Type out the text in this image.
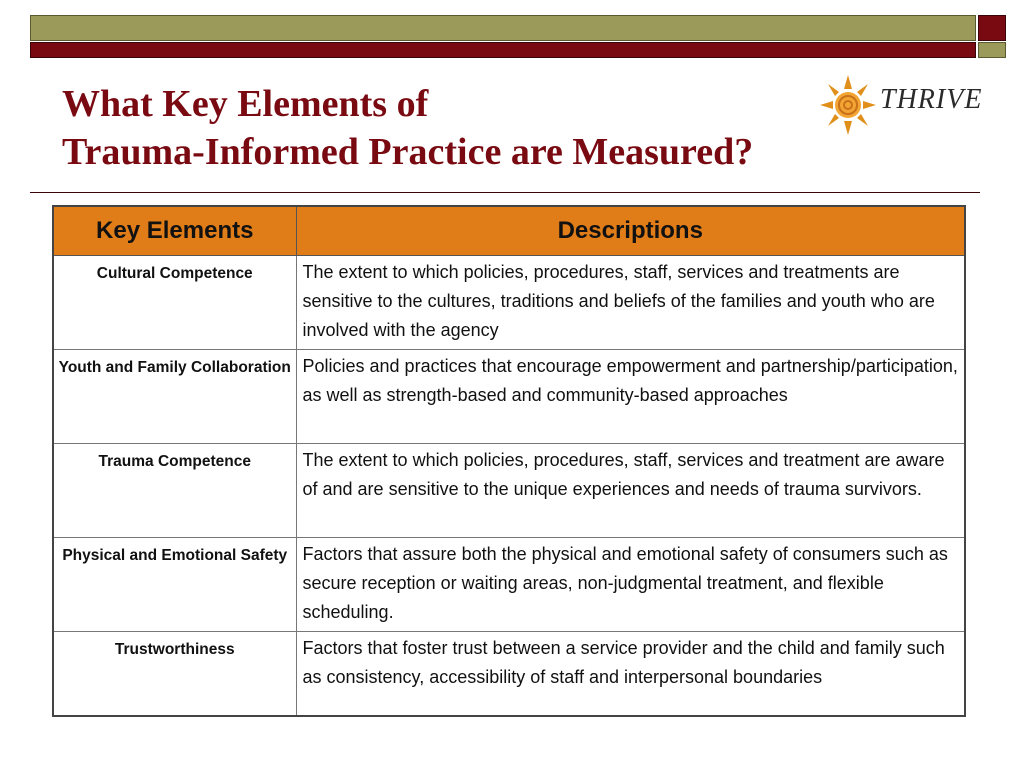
What Key Elements of
Trauma-Informed Practice are Measured?
THRIVE
Key Elements	Descriptions
Cultural Competence	The extent to which policies, procedures, staff, services and treatments are sensitive to the cultures, traditions and beliefs of the families and youth who are involved with the agency
Youth and Family Collaboration	Policies and practices that encourage empowerment and partnership/participation, as well as strength-based and community-based approaches
Trauma Competence	The extent to which policies, procedures, staff, services and treatment are aware of and are sensitive to the unique experiences and needs of trauma survivors.
Physical and Emotional Safety	Factors that assure both the physical and emotional safety of consumers such as secure reception or waiting areas, non-judgmental treatment, and flexible scheduling.
Trustworthiness	Factors that foster trust between a service provider and the child and family such as consistency, accessibility of staff and interpersonal boundaries
